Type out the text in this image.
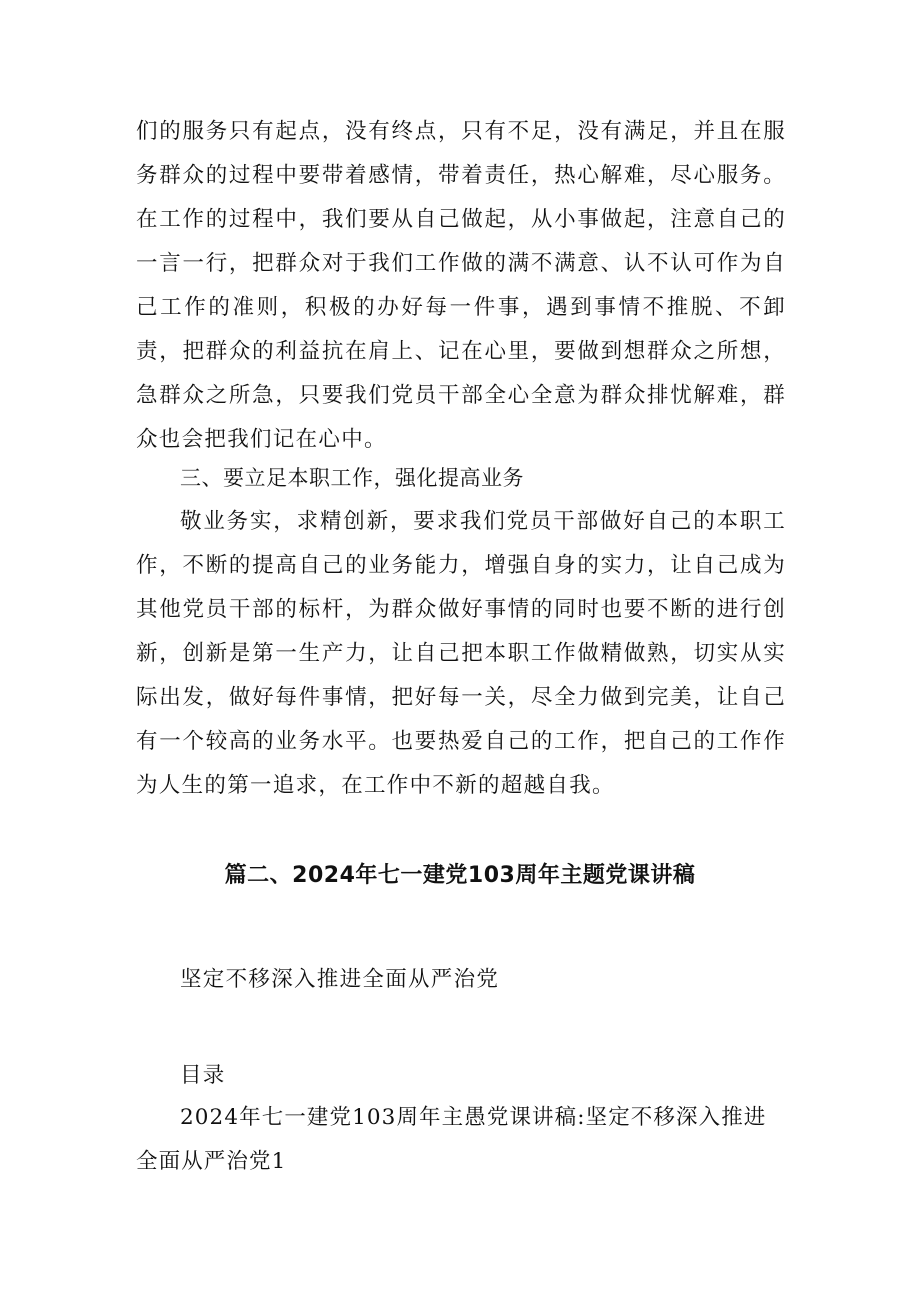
们的服务只有起点，没有终点，只有不足，没有满足，并且在服务群众的过程中要带着感情，带着责任，热心解难，尽心服务。在工作的过程中，我们要从自己做起，从小事做起，注意自己的一言一行，把群众对于我们工作做的满不满意、认不认可作为自己工作的准则，积极的办好每一件事，遇到事情不推脱、不卸责，把群众的利益抗在肩上、记在心里，要做到想群众之所想，急群众之所急，只要我们党员干部全心全意为群众排忧解难，群众也会把我们记在心中。

三、要立足本职工作，强化提高业务

敬业务实，求精创新，要求我们党员干部做好自己的本职工作，不断的提高自己的业务能力，增强自身的实力，让自己成为其他党员干部的标杆，为群众做好事情的同时也要不断的进行创新，创新是第一生产力，让自己把本职工作做精做熟，切实从实际出发，做好每件事情，把好每一关，尽全力做到完美，让自己有一个较高的业务水平。也要热爱自己的工作，把自己的工作作为人生的第一追求，在工作中不新的超越自我。

篇二、2024年七一建党103周年主题党课讲稿

坚定不移深入推进全面从严治党

目录

2024年七一建党103周年主愚党课讲稿:坚定不移深入推进全面从严治党1
